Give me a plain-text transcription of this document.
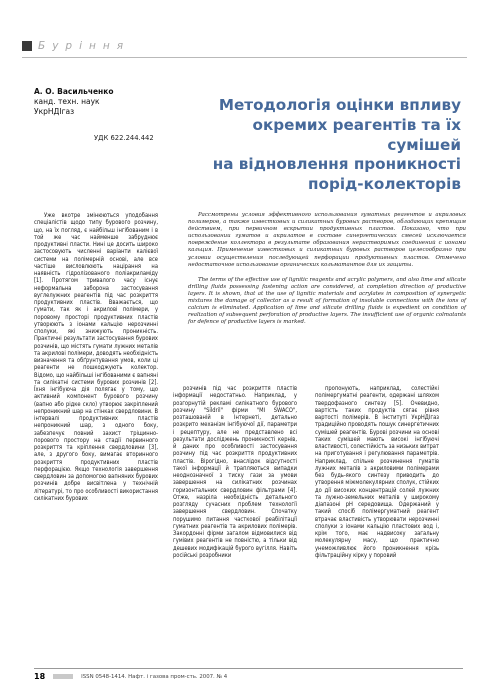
Бурiння
А. О. Васильченко
канд. техн. наук
УкрНДIгаз
УДК 622.244.442
Методологія оцінки впливу
окремих реагентів та їх сумішей
на відновлення проникності
порід-колекторів

Рассмотрены условия эффективного использования гуматных реагентов и акриловых полимеров, а также известковых и силикатных буровых растворов, обладающих крепящим действием, при первичном вскрытии продуктивных пластов. Показано, что при использовании гуматов и акрилатов в составе синергетических смесей исключается повреждение коллектора в результате образования нерастворимых соединений с ионами кальция. Применение известковых и силикатных буровых растворов целесообразно при условии осуществления последующей перфорации продуктивных пластов. Отмечено недостаточное использование органических кольматантов для их защиты.

The terms of the effective use of lignitic reagents and acrylic polymers, and also lime and silicate drilling fluids possessing fastening action are considered, at completion direction of productive layers. It is shown, that at the use of lignitic materials and acrylates in composition of synergetic mixtures the damage of collector as a result of formation of insoluble connections with the ions of calcium is eliminated. Application of lime and silicate drilling fluids is expedient on condition of realization of subsequent perforation of productive layers. The insufficient use of organic colmatants for defence of productive layers is marked.

Уже вкотре змінюються уподобання спеціалістів щодо типу бурового розчину, що, на їх погляд, є найбільш інгібованим і в той же час найменше забруднює продуктивні пласти. Нині це досить широко застосовують численні варіанти калієвої системи на полімерній основі, але все частіше висловлюють націрання на наявність гідролізованого поліакриламіду [1]. Протягом тривалого часу існує неформальна заборона застосування вуглелужних реагентів під час розкриття продуктивних пластів. Вважається, що гумати, так як і акрилові полімери, у поровому просторі продуктивних пластів утворюють з іонами кальцію нерозчинні сполуки, які знижують проникність. Практичні результати застосування бурових розчинів, що містять гумати лужних металів та акрилові полімери, доводять необхідність визначення та обґрунтування умов, коли ці реагенти не пошкоджують колектор. Відомо, що найбільші інгібованими є вапняні та силікатні системи бурових розчинів [2]. Їхня інгібуюча дія полягає у тому, що активний компонент бурового розчину (вапно або рідке скло) утворює закріплений непроникний шар на стінках свердловини. В інтервалі продуктивних пластів непроникний шар, з одного боку, забезпечує повний захист тріщинно-порового простору на стадії первинного розкриття та кріплення свердловини [3], але, з другого боку, вимагає вторинного розкриття продуктивних пластів перфорацією. Якщо технологія завершення свердловин за допомогою вапняних бурових розчинів добре висвітлена у технічній літературі, то про особливості використання силікатних бурових

розчинів під час розкриття пластів інформації недостатньо. Наприклад, у розгорнутій рекламі силікатного бурового розчину "Sildril" фірми "MI SWACO", розташованій в Інтернеті, детально розкрито механізм інгібуючої дії, параметри і рецептуру, але не представлено всі результати досліджень проникності кернів, й даних про особливості застосування розчину під час розкриття продуктивних пластів. Вірогідно, внаслідок відсутності такої інформації й трапляються випадки неоднозначної з тиску гази за умови завершення на силікатних розчинах горизонтальних свердловин фільтрами [4]. Отже, назріла необхідність детального розгляду сучасних проблем технології завершення свердловин. Спочатку порушимо питання часткової реабілітації гуматних реагентів та акрилових полімерів. Закордонні фірми загалом відмовилися від гумівих реагентів не повністю, а тільки від дешевих модифікацій бурого вугілля. Навіть російські розробники

пропонують, наприклад, солестійкі полімергуматні реагенти, одержані шляхом твердофазного синтезу [5]. Очевидно, вартість таких продуктів сягає рівня вартості полімерів. В інституті УкрНДIгаз традиційно проводять пошук синергетичних сумішей реагентів. Бурові розчини на основі таких сумішей мають високі інгібуючі властивості, солестійкість за низьких витрат на приготування і регулювання параметрів. Наприклад, спільне розчинення гуматів лужних металів з акриловими полімерами без будь-якого синтезу приводить до утворення міжмолекулярних сполук, стійких до дії високих концентрацій солей лужних та лужно-земельних металів у широкому діапазоні рН середовища. Одержаний у такий спосіб полімергуматний реагент втрачає властивість утворювати нерозчинні сполуки з іонами кальцію пластових вод і, крім того, має надвисоку загальну молекулярну масу, що практично унеможливлює його проникнення крізь фільтраційну кірку у поровий

18	ISSN 0548-1414. Нафт. і газова пром-сть. 2007. № 4
